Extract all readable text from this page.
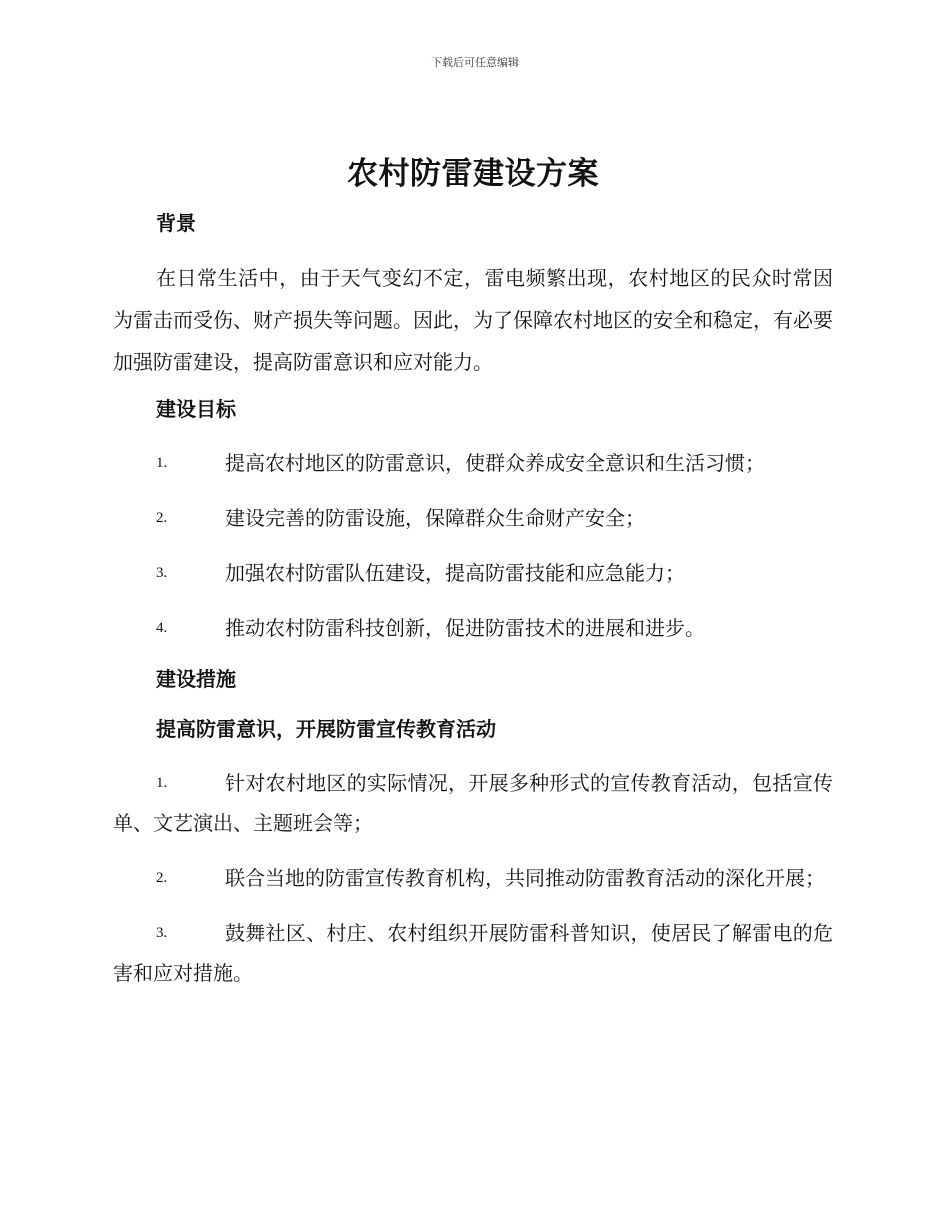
下载后可任意编辑
农村防雷建设方案
背景
在日常生活中，由于天气变幻不定，雷电频繁出现，农村地区的民众时常因为雷击而受伤、财产损失等问题。因此，为了保障农村地区的安全和稳定，有必要加强防雷建设，提高防雷意识和应对能力。
建设目标
1.	提高农村地区的防雷意识，使群众养成安全意识和生活习惯；
2.	建设完善的防雷设施，保障群众生命财产安全；
3.	加强农村防雷队伍建设，提高防雷技能和应急能力；
4.	推动农村防雷科技创新，促进防雷技术的进展和进步。
建设措施
提高防雷意识，开展防雷宣传教育活动
1.	针对农村地区的实际情况，开展多种形式的宣传教育活动，包括宣传单、文艺演出、主题班会等；
2.	联合当地的防雷宣传教育机构，共同推动防雷教育活动的深化开展；
3.	鼓舞社区、村庄、农村组织开展防雷科普知识，使居民了解雷电的危害和应对措施。
